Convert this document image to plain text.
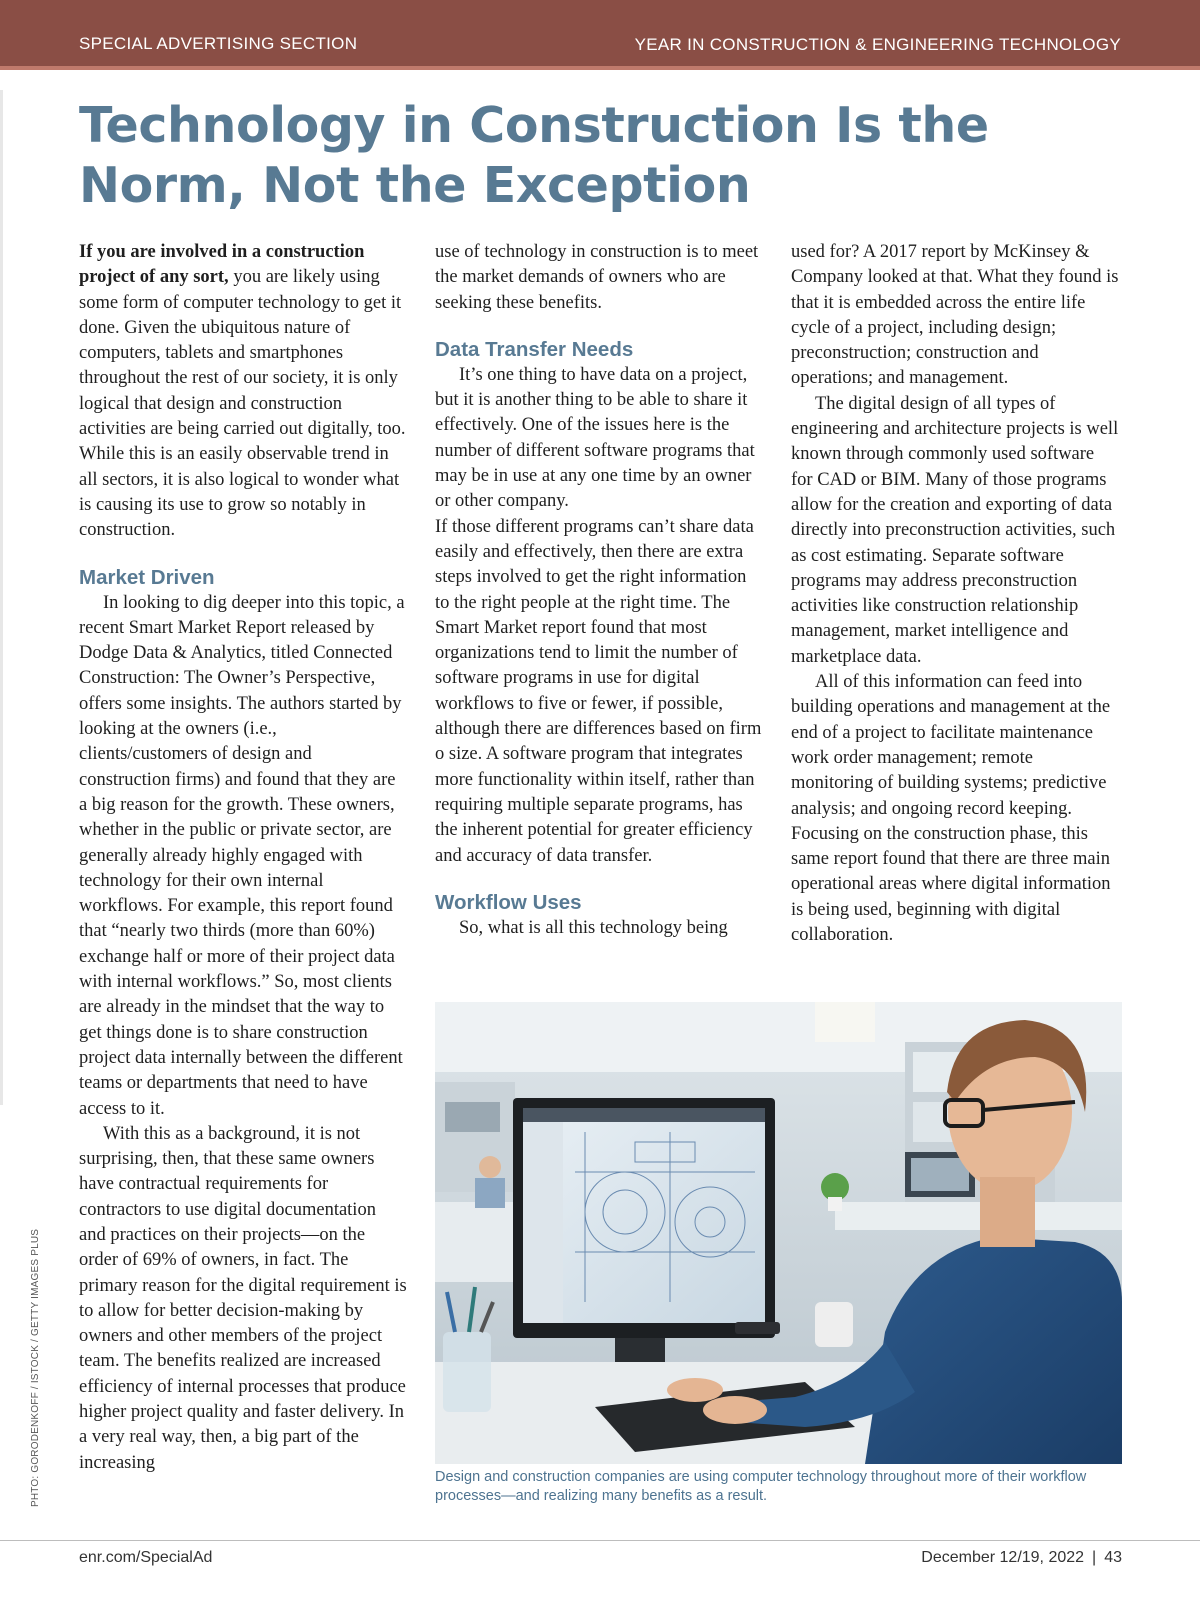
SPECIAL ADVERTISING SECTION	YEAR IN CONSTRUCTION & ENGINEERING TECHNOLOGY
Technology in Construction Is the Norm, Not the Exception

If you are involved in a construction project of any sort, you are likely using some form of computer technology to get it done. Given the ubiquitous nature of computers, tablets and smartphones throughout the rest of our society, it is only logical that design and construction activities are being carried out digitally, too. While this is an easily observable trend in all sectors, it is also logical to wonder what is causing its use to grow so notably in construction.

Market Driven

In looking to dig deeper into this topic, a recent Smart Market Report released by Dodge Data & Analytics, titled Connected Construction: The Owner’s Perspective, offers some insights. The authors started by looking at the owners (i.e., clients/customers of design and construction firms) and found that they are a big reason for the growth. These owners, whether in the public or private sector, are generally already highly engaged with technology for their own internal workflows. For example, this report found that “nearly two thirds (more than 60%) exchange half or more of their project data with internal workflows.” So, most clients are already in the mindset that the way to get things done is to share construction project data internally between the different teams or departments that need to have access to it.

With this as a background, it is not surprising, then, that these same owners have contractual requirements for contractors to use digital documentation and practices on their projects—on the order of 69% of owners, in fact. The primary reason for the digital requirement is to allow for better decision-making by owners and other members of the project team. The benefits realized are increased efficiency of internal processes that produce higher project quality and faster delivery. In a very real way, then, a big part of the increasing

use of technology in construction is to meet the market demands of owners who are seeking these benefits.

Data Transfer Needs

It’s one thing to have data on a project, but it is another thing to be able to share it effectively. One of the issues here is the number of different software programs that may be in use at any one time by an owner or other company.

If those different programs can’t share data easily and effectively, then there are extra steps involved to get the right information to the right people at the right time. The Smart Market report found that most organizations tend to limit the number of software programs in use for digital workflows to five or fewer, if possible, although there are differences based on firm o size. A software program that integrates more functionality within itself, rather than requiring multiple separate programs, has the inherent potential for greater efficiency and accuracy of data transfer.

Workflow Uses

So, what is all this technology being

used for? A 2017 report by McKinsey & Company looked at that. What they found is that it is embedded across the entire life cycle of a project, including design; preconstruction; construction and operations; and management.

The digital design of all types of engineering and architecture projects is well known through commonly used software for CAD or BIM. Many of those programs allow for the creation and exporting of data directly into preconstruction activities, such as cost estimating. Separate software programs may address preconstruction activities like construction relationship management, market intelligence and marketplace data.

All of this information can feed into building operations and management at the end of a project to facilitate maintenance work order management; remote monitoring of building systems; predictive analysis; and ongoing record keeping. Focusing on the construction phase, this same report found that there are three main operational areas where digital information is being used, beginning with digital collaboration.

Design and construction companies are using computer technology throughout more of their workflow processes—and realizing many benefits as a result.
PHTO: GORODENKOFF / ISTOCK / GETTY IMAGES PLUS
enr.com/SpecialAd	December 12/19, 2022 | 43
